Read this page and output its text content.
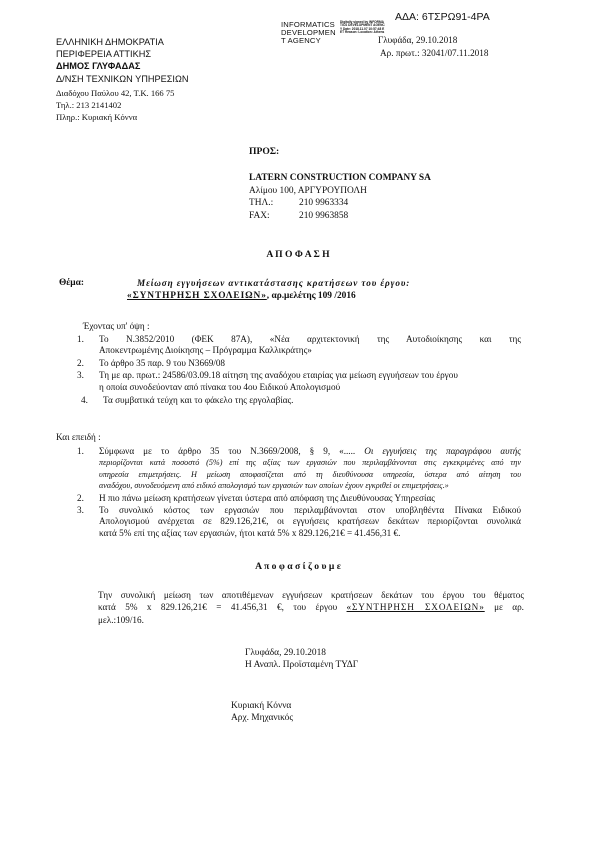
ΑΔΑ: 6ΤΣΡΩ91-4ΡΑ
INFORMATICS
DEVELOPMEN
T AGENCY
Digitally signed by INFORMATICS DEVELOPMENT AGENCY Date: 2018.11.07 10:57:48 EET Reason: Location: Athens
ΕΛΛΗΝΙΚΗ ΔΗΜΟΚΡΑΤΙΑ
ΠΕΡΙΦΕΡΕΙΑ ΑΤΤΙΚΗΣ
ΔΗΜΟΣ ΓΛΥΦΑΔΑΣ
Δ/ΝΣΗ ΤΕΧΝΙΚΩΝ ΥΠΗΡΕΣΙΩΝ
Διαδόχου Παύλου 42, Τ.Κ. 166 75
Τηλ.: 213 2141402
Πληρ.: Κυριακή Κόννα
Γλυφάδα, 29.10.2018
Αρ. πρωτ.: 32041/07.11.2018
ΠΡΟΣ:
LATERN CONSTRUCTION COMPANY SA
Αλίμου 100, ΑΡΓΥΡΟΥΠΟΛΗ
ΤΗΛ.:	210 9963334
FAX:	210 9963858
Α Π Ο Φ Α Σ Η
Θέμα:	Μείωση εγγυήσεων αντικατάστασης κρατήσεων του έργου:
«ΣΥΝΤΗΡΗΣΗ ΣΧΟΛΕΙΩΝ», αρ.μελέτης 109 /2016
Έχοντας υπ' όψη :
1. Το Ν.3852/2010 (ΦΕΚ 87Α), «Νέα αρχιτεκτονική της Αυτοδιοίκησης και της
Αποκεντρωμένης Διοίκησης – Πρόγραμμα Καλλικράτης»
2. Το άρθρο 35 παρ. 9 του Ν3669/08
3. Τη με αρ. πρωτ.: 24586/03.09.18 αίτηση της αναδόχου εταιρίας για μείωση εγγυήσεων του έργου
η οποία συνοδεύονταν από πίνακα του 4ου Ειδικού Απολογισμού
4. Τα συμβατικά τεύχη και το φάκελο της εργολαβίας.
Και επειδή :
1. Σύμφωνα με το άρθρο 35 του Ν.3669/2008, § 9, «..... Οι εγγυήσεις της παραγράφου αυτής
περιορίζονται κατά ποσοστό (5%) επί της αξίας των εργασιών που περιλαμβάνονται στις εγκεκριμένες από την
υπηρεσία επιμετρήσεις. Η μείωση αποφασίζεται από τη διευθύνουσα υπηρεσία, ύστερα από αίτηση του
αναδόχου, συνοδευόμενη από ειδικό απολογισμό των εργασιών των οποίων έχουν εγκριθεί οι επιμετρήσεις.»
2. Η πιο πάνω μείωση κρατήσεων γίνεται ύστερα από απόφαση της Διευθύνουσας Υπηρεσίας
3. Το συνολικό κόστος των εργασιών που περιλαμβάνονται στον υποβληθέντα Πίνακα Ειδικού
Απολογισμού ανέρχεται σε 829.126,21€, οι εγγυήσεις κρατήσεων δεκάτων περιορίζονται συνολικά
κατά 5% επί της αξίας των εργασιών, ήτοι κατά 5% x 829.126,21€ = 41.456,31 €.
Α π ο φ α σ ί ζ ο υ μ ε
Την συνολική μείωση των αποτιθέμενων εγγυήσεων κρατήσεων δεκάτων του έργου του θέματος
κατά 5% x 829.126,21€ = 41.456,31 €, του έργου «ΣΥΝΤΗΡΗΣΗ ΣΧΟΛΕΙΩΝ» με αρ.
μελ.:109/16.
Γλυφάδα, 29.10.2018
Η Αναπλ. Προϊσταμένη ΤΥΔΓ
Κυριακή Κόννα
Αρχ. Μηχανικός
